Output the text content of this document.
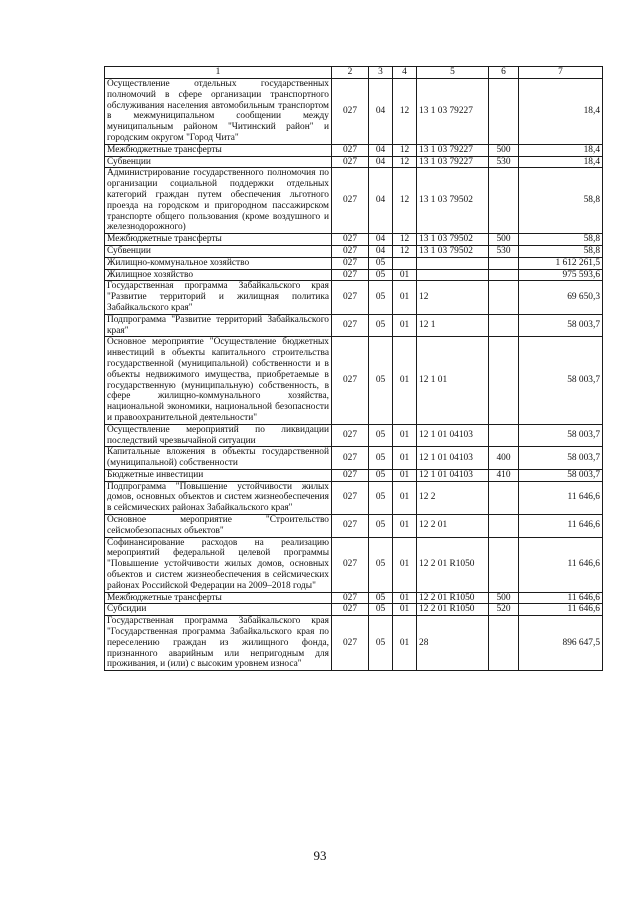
1	2	3	4	5	6	7
Осуществление отдельных государственных полномочий в сфере организации транспортного обслуживания населения автомобильным транспортом в межмуниципальном сообщении между муниципальным районом "Читинский район" и городским округом "Город Чита"	027	04	12	13 1 03 79227		18,4
Межбюджетные трансферты	027	04	12	13 1 03 79227	500	18,4
Субвенции	027	04	12	13 1 03 79227	530	18,4
Администрирование государственного полномочия по организации социальной поддержки отдельных категорий граждан путем обеспечения льготного проезда на городском и пригородном пассажирском транспорте общего пользования (кроме воздушного и железнодорожного)	027	04	12	13 1 03 79502		58,8
Межбюджетные трансферты	027	04	12	13 1 03 79502	500	58,8
Субвенции	027	04	12	13 1 03 79502	530	58,8
Жилищно-коммунальное хозяйство	027	05				1 612 261,5
Жилищное хозяйство	027	05	01			975 593,6
Государственная программа Забайкальского края "Развитие территорий и жилищная политика Забайкальского края"	027	05	01	12		69 650,3
Подпрограмма "Развитие территорий Забайкальского края"	027	05	01	12 1		58 003,7
Основное мероприятие "Осуществление бюджетных инвестиций в объекты капитального строительства государственной (муниципальной) собственности и в объекты недвижимого имущества, приобретаемые в государственную (муниципальную) собственность, в сфере жилищно-коммунального хозяйства, национальной экономики, национальной безопасности и правоохранительной деятельности"	027	05	01	12 1 01		58 003,7
Осуществление мероприятий по ликвидации последствий чрезвычайной ситуации	027	05	01	12 1 01 04103		58 003,7
Капитальные вложения в объекты государственной (муниципальной) собственности	027	05	01	12 1 01 04103	400	58 003,7
Бюджетные инвестиции	027	05	01	12 1 01 04103	410	58 003,7
Подпрограмма "Повышение устойчивости жилых домов, основных объектов и систем жизнеобеспечения в сейсмических районах Забайкальского края"	027	05	01	12 2		11 646,6
Основное мероприятие "Строительство сейсмобезопасных объектов"	027	05	01	12 2 01		11 646,6
Софинансирование расходов на реализацию мероприятий федеральной целевой программы "Повышение устойчивости жилых домов, основных объектов и систем жизнеобеспечения в сейсмических районах Российской Федерации на 2009–2018 годы"	027	05	01	12 2 01 R1050		11 646,6
Межбюджетные трансферты	027	05	01	12 2 01 R1050	500	11 646,6
Субсидии	027	05	01	12 2 01 R1050	520	11 646,6
Государственная программа Забайкальского края "Государственная программа Забайкальского края по переселению граждан из жилищного фонда, признанного аварийным или непригодным для проживания, и (или) с высоким уровнем износа"	027	05	01	28		896 647,5
93
